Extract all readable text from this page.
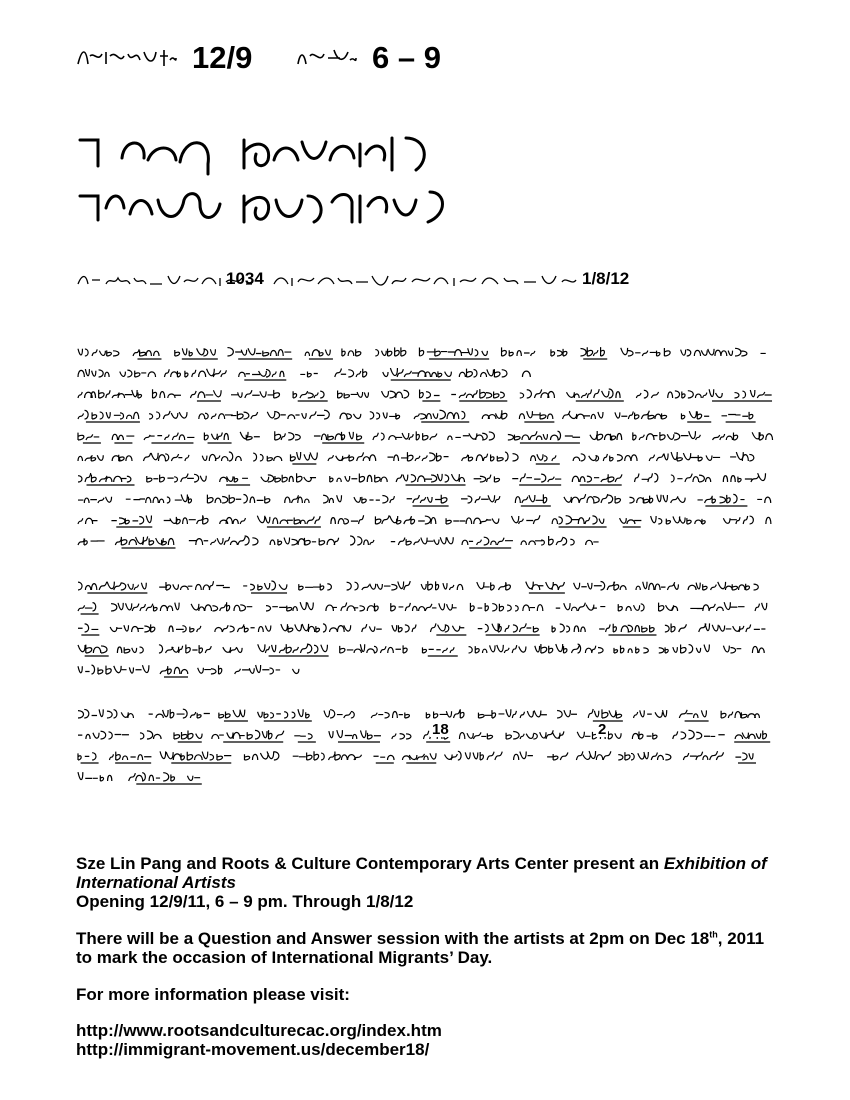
12/9	6 – 9
1034	1/8/12
18	2
Sze Lin Pang and Roots & Culture Contemporary Arts Center present an Exhibition of
International Artists
Opening 12/9/11, 6 – 9 pm. Through 1/8/12
There will be a Question and Answer session with the artists at 2pm on Dec 18th, 2011
to mark the occasion of International Migrants’ Day.
For more information please visit:
http://www.rootsandculturecac.org/index.htm
http://immigrant-movement.us/december18/
